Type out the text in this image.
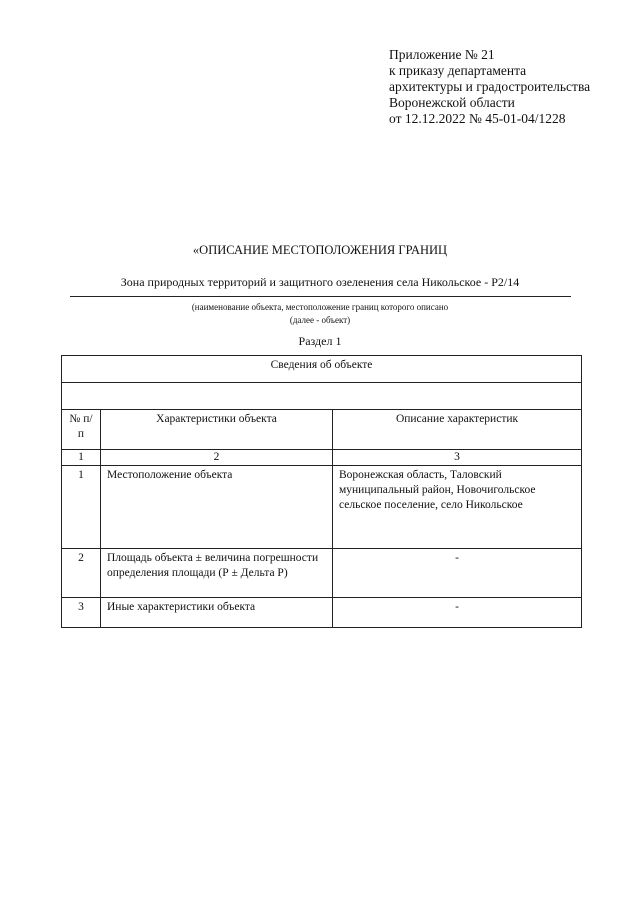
Приложение № 21
к приказу департамента
архитектуры и градостроительства
Воронежской области
от 12.12.2022 № 45-01-04/1228
«ОПИСАНИЕ МЕСТОПОЛОЖЕНИЯ ГРАНИЦ
Зона природных территорий и защитного озеленения села Никольское - Р2/14
(наименование объекта, местоположение границ которого описано
(далее - объект)
Раздел 1
Сведения об объекте		

№ п/п	Характеристики объекта	Описание характеристик
1	2	3
1	Местоположение объекта	Воронежская область, Таловский муниципальный район, Новочигольское сельское поселение, село Никольское
2	Площадь объекта ± величина погрешности определения площади (Р ± Дельта Р)	-
3	Иные характеристики объекта	-
